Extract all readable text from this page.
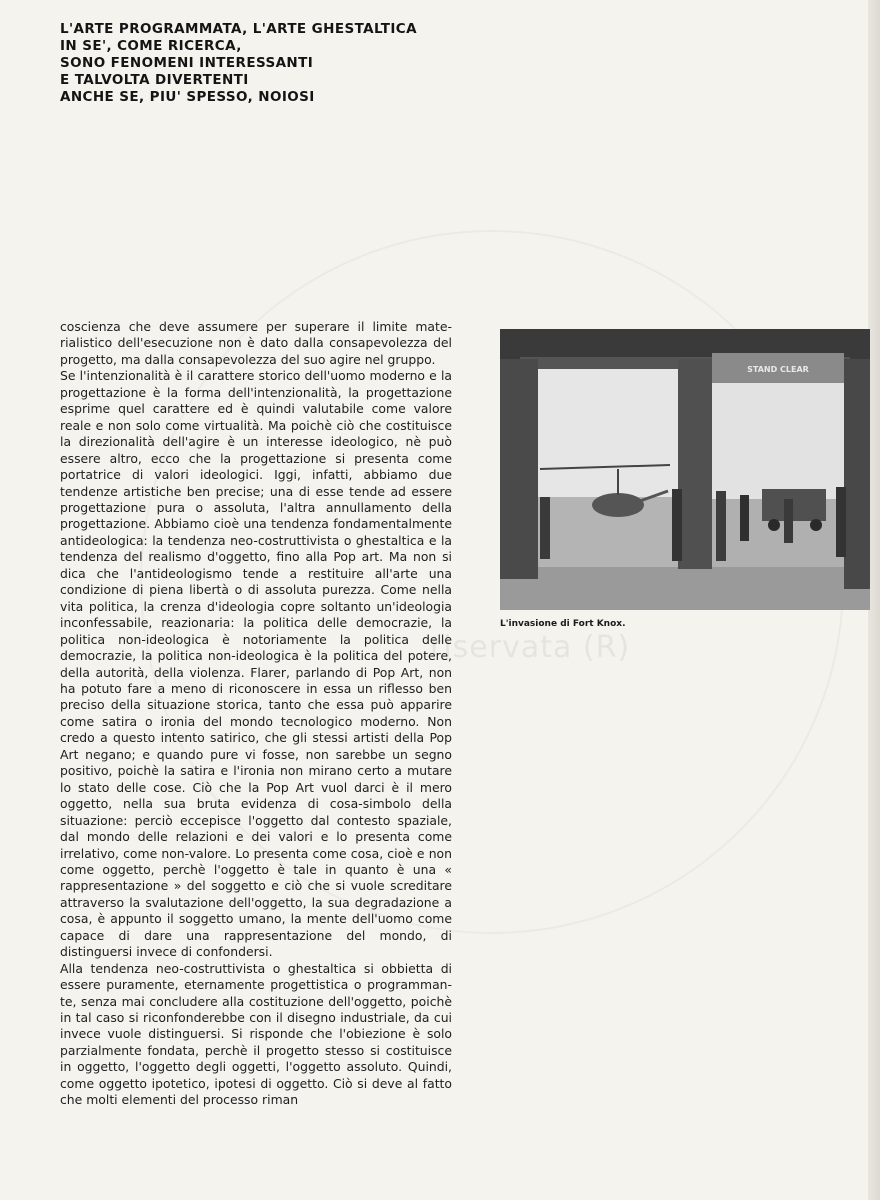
riservata (R)
L'ARTE PROGRAMMATA, L'ARTE GHESTALTICA
IN SE', COME RICERCA,
SONO FENOMENI INTERESSANTI
E TALVOLTA DIVERTENTI
ANCHE SE, PIU' SPESSO, NOIOSI

coscienza che deve assumere per superare il limite materialistico dell'esecuzione non è dato dalla consapevolezza del progetto, ma dalla consapevolezza del suo agire nel gruppo.

Se l'intenzionalità è il carattere storico dell'uomo moderno e la progettazione è la forma dell'intenzionalità, la progettazione esprime quel carattere ed è quindi valutabile come valore reale e non solo come virtualità. Ma poichè ciò che costituisce la direzionalità dell'agire è un interesse ideologico, nè può essere altro, ecco che la progettazione si presenta come portatrice di valori ideologici. Iggi, infatti, abbiamo due tendenze artistiche ben precise; una di esse tende ad essere progettazione pura o assoluta, l'altra annullamento della progettazione. Abbiamo cioè una tendenza fondamentalmente antideologica: la tendenza neo-costruttivista o ghestaltica e la tendenza del realismo d'oggetto, fino alla Pop art. Ma non si dica che l'antideologismo tende a restituire all'arte una condizione di piena libertà o di assoluta purezza. Come nella vita politica, la crenza d'ideologia copre soltanto un'ideologia inconfessabile, reazionaria: la politica delle democrazie, la politica non-ideologica è notoriamente la politica delle democrazie, la politica non-ideologica è la politica del potere, della autorità, della violenza. Flarer, parlando di Pop Art, non ha potuto fare a meno di riconoscere in essa un riflesso ben preciso della situazione storica, tanto che essa può apparire come satira o ironia del mondo tecnologico moderno. Non credo a questo intento satirico, che gli stessi artisti della Pop Art negano; e quando pure vi fosse, non sarebbe un segno positivo, poichè la satira e l'ironia non mirano certo a mutare lo stato delle cose. Ciò che la Pop Art vuol darci è il mero oggetto, nella sua bruta evidenza di cosa-simbolo della situazione: perciò eccepisce l'oggetto dal contesto spaziale, dal mondo delle relazioni e dei valori e lo presenta come irrelativo, come non-valore. Lo presenta come cosa, cioè e non come oggetto, perchè l'oggetto è tale in quanto è una « rappresentazione » del soggetto e ciò che si vuole screditare attraverso la svalutazione dell'oggetto, la sua degradazione a cosa, è appunto il soggetto umano, la mente dell'uomo come capace di dare una rappresentazione del mondo, di distinguersi invece di confondersi.

Alla tendenza neo-costruttivista o ghestaltica si obbietta di essere puramente, eternamente progettistica o programmante, senza mai concludere alla costituzione dell'oggetto, poichè in tal caso si riconfonderebbe con il disegno industriale, da cui invece vuole distinguersi. Si risponde che l'obiezione è solo parzialmente fondata, perchè il progetto stesso si costituisce in oggetto, l'oggetto degli oggetti, l'oggetto assoluto. Quindi, come oggetto ipotetico, ipotesi di oggetto. Ciò si deve al fatto che molti elementi del processo riman

STAND CLEAR
L'invasione di Fort Knox.
